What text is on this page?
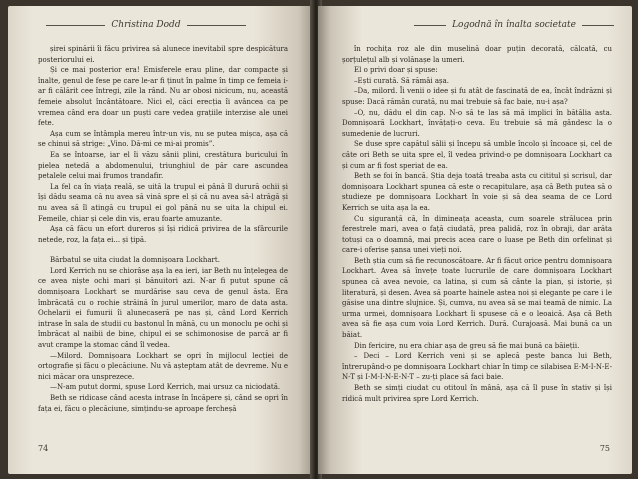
Christina Dodd

șirei spinării îi făcu privirea să alunece inevitabil spre despicătura posteriorului ei.

Și ce mai posterior era! Emisferele erau pline, dar compacte și înalte, genul de fese pe care le-ar fi ținut în palme în timp ce femeia i-ar fi călărit cee întregi, zile la rând. Nu ar obosi nicicum, nu, această femeie absolut încântătoare. Nici el, căci erecția îi avâncea ca pe vremea când era doar un puști care vedea grațiile interzise ale unei fete.

Așa cum se întâmpla mereu într-un vis, nu se putea mișca, așa că se chinui să strige: „Vino. Dă-mi ce mi-ai promis”.

Ea se întoarse, iar el îi văzu sânii plini, crestătura buricului în pielea netedă a abdomenului, triunghiul de păr care ascundea petalele celui mai frumos trandafir.

La fel ca în viața reală, se uită la trupul ei până îl durură ochii și își dădu seama că nu avea să vină spre el și că nu avea să-l atrăgă și nu avea să îl atingă cu trupul ei gol până nu se uita la chipul ei. Femeile, chiar și cele din vis, erau foarte amuzante.

Așa că făcu un efort dureros și își ridică privirea de la sfârcurile netede, roz, la fața ei... și țipă.

Bărbatul se uita ciudat la domnișoara Lockhart.

Lord Kerrich nu se chiorâse așa la ea ieri, iar Beth nu înțelegea de ce avea niște ochi mari și bănuitori azi. N-ar fi putut spune că domnișoara Lockhart se murdărise sau ceva de genul ăsta. Era îmbrăcată cu o rochie străină în jurul umerilor, maro de data asta. Ochelarii ei fumurii îi alunecaseră pe nas și, când Lord Kerrich intrase în sala de studii cu bastonul în mână, cu un monoclu pe ochi și îmbrăcat al naibii de bine, chipul ei se schimonosise de parcă ar fi avut crampe la stomac când îl vedea.

—Milord. Domnișoara Lockhart se opri în mijlocul lecției de ortografie și făcu o plecăciune. Nu vă așteptam atât de devreme. Nu e nici măcar ora unsprezece.

—N-am putut dormi, spuse Lord Kerrich, mai ursuz ca niciodată.

Beth se ridicase când acesta intrase în încăpere și, când se opri în fața ei, făcu o plecăciune, simțindu-se aproape fercheșă

74
Logodnă în înalta societate

în rochița roz ale din muselină doar puțin decorată, călcată, cu șorțulețul alb și volănașe la umeri.

El o privi doar și spuse:

–Ești curată. Să rămâi așa.

–Da, milord. Îi venii o idee și fu atât de fascinată de ea, încât îndrăzni și spuse: Dacă rămân curată, nu mai trebuie să fac baie, nu-i așa?

–O, nu, dădu el din cap. N-o să te las să mă implici în bătălia asta. Domnișoară Lockhart, învățați-o ceva. Eu trebuie să mă gândesc la o sumedenie de lucruri.

Se duse spre capătul sălii și începu să umble încolo și încoace și, cel de câte ori Beth se uita spre el, îl vedea privind-o pe domnișoara Lockhart ca și cum ar fi fost speriat de ea.

Beth se foi în bancă. Știa deja toată treaba asta cu cititul și scrisul, dar domnișoara Lockhart spunea că este o recapitulare, așa că Beth putea să o studieze pe domnișoara Lockhart în voie și să dea seama de ce Lord Kerrich se uita așa la ea.

Cu siguranță că, în dimineața aceasta, cum soarele strălucea prin ferestrele mari, avea o față ciudată, prea palidă, roz în obraji, dar arăta totuși ca o doamnă, mai precis acea care o luase pe Beth din orfelinat și care-i oferise șansa unei vieți noi.

Beth știa cum să fie recunoscătoare. Ar fi făcut orice pentru domnișoara Lockhart. Avea să învețe toate lucrurile de care domnișoara Lockhart spunea că avea nevoie, ca latina, și cum să cânte la pian, și istorie, și literatură, și desen. Avea să poarte hainele astea noi și elegante pe care i le găsise una dintre slujnice. Și, cumva, nu avea să se mai teamă de nimic. La urma urmei, domnișoara Lockhart îi spusese că e o leoaică. Așa că Beth avea să fie așa cum voia Lord Kerrich. Dură. Curajoasă. Mai bună ca un băiat.

Din fericire, nu era chiar așa de greu să fie mai bună ca băieții.

– Deci – Lord Kerrich veni și se aplecă peste banca lui Beth, întrerupând-o pe domnișoara Lockhart chiar în timp ce silabisea E-M-I-N-E-N-T și I-M-I-N-E-N-T – zu-ți place să faci baie.

Beth se simți ciudat cu otitoul în mână, așa că îl puse în stativ și își ridică mult privirea spre Lord Kerrich.

75
